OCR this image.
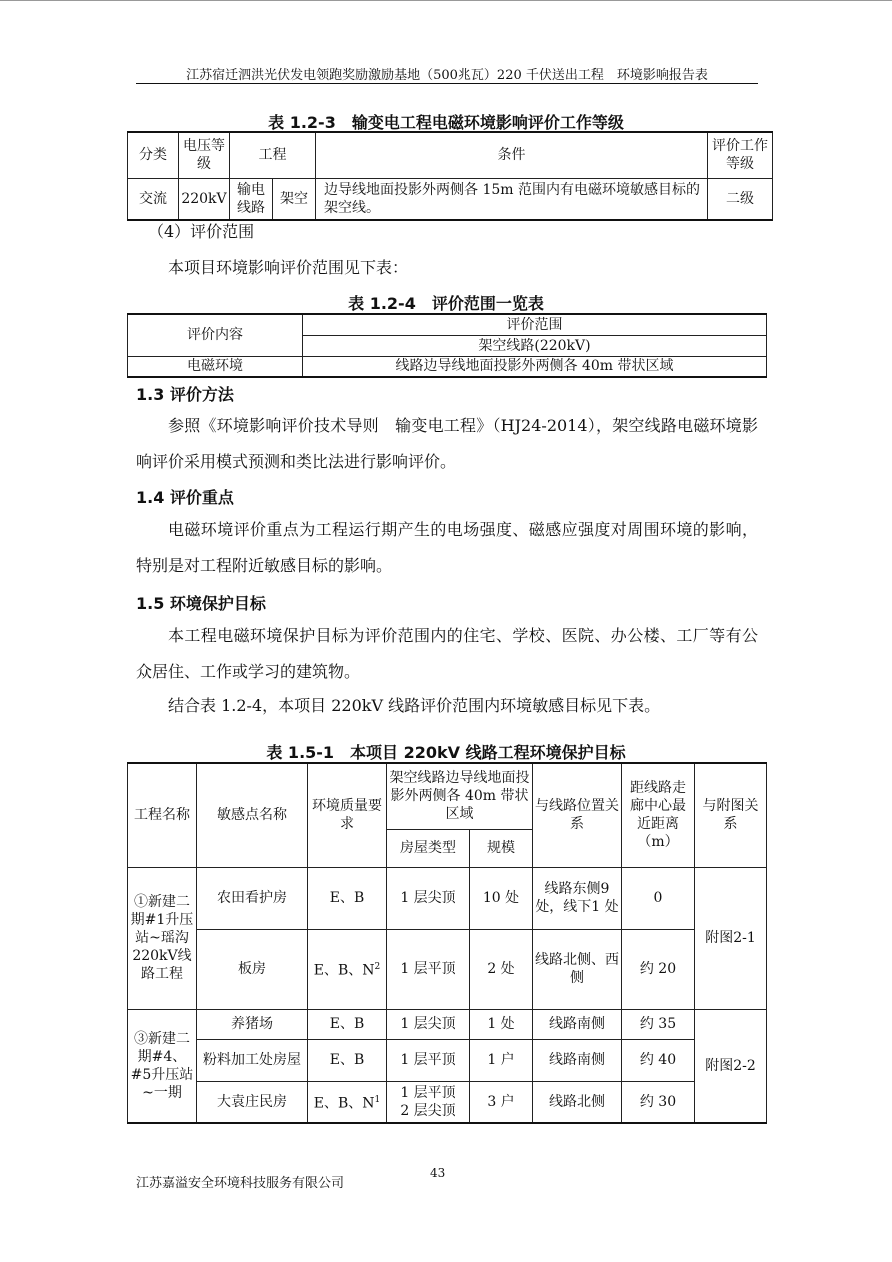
江苏宿迁泗洪光伏发电领跑奖励激励基地（500兆瓦）220 千伏送出工程　环境影响报告表
表 1.2-3　输变电工程电磁环境影响评价工作等级
分类	电压等级	工程		条件	评价工作等级
交流	220kV	输电线路	架空	边导线地面投影外两侧各 15m 范围内有电磁环境敏感目标的架空线。	二级
（4）评价范围
本项目环境影响评价范围见下表：
表 1.2-4　评价范围一览表
评价内容	评价范围
	架空线路(220kV)
电磁环境	线路边导线地面投影外两侧各 40m 带状区域
1.3 评价方法
参照《环境影响评价技术导则　输变电工程》（HJ24-2014），架空线路电磁环境影响评价采用模式预测和类比法进行影响评价。
1.4 评价重点
电磁环境评价重点为工程运行期产生的电场强度、磁感应强度对周围环境的影响，特别是对工程附近敏感目标的影响。
1.5 环境保护目标
本工程电磁环境保护目标为评价范围内的住宅、学校、医院、办公楼、工厂等有公众居住、工作或学习的建筑物。
结合表 1.2-4，本项目 220kV 线路评价范围内环境敏感目标见下表。
表 1.5-1　本项目 220kV 线路工程环境保护目标
工程名称	敏感点名称	环境质量要求	架空线路边导线地面投影外两侧各 40m 带状区域		与线路位置关系	距线路走廊中心最近距离（m）	与附图关系
			房屋类型	规模			
①新建二期#1升压站~瑶沟220kV线路工程	农田看护房	E、B	1 层尖顶	10 处	线路东侧9 处，线下1 处	0	附图2-1
	板房	E、B、$N^2$	1 层平顶	2 处	线路北侧、西侧	约 20	
③新建二期#4、#5升压站~一期	养猪场	E、B	1 层尖顶	1 处	线路南侧	约 35	附图2-2
	粉料加工处房屋	E、B	1 层平顶	1 户	线路南侧	约 40	
	大袁庄民房	E、B、$N^1$	1 层平顶
2 层尖顶	3 户	线路北侧	约 30	
43
江苏嘉溢安全环境科技服务有限公司
